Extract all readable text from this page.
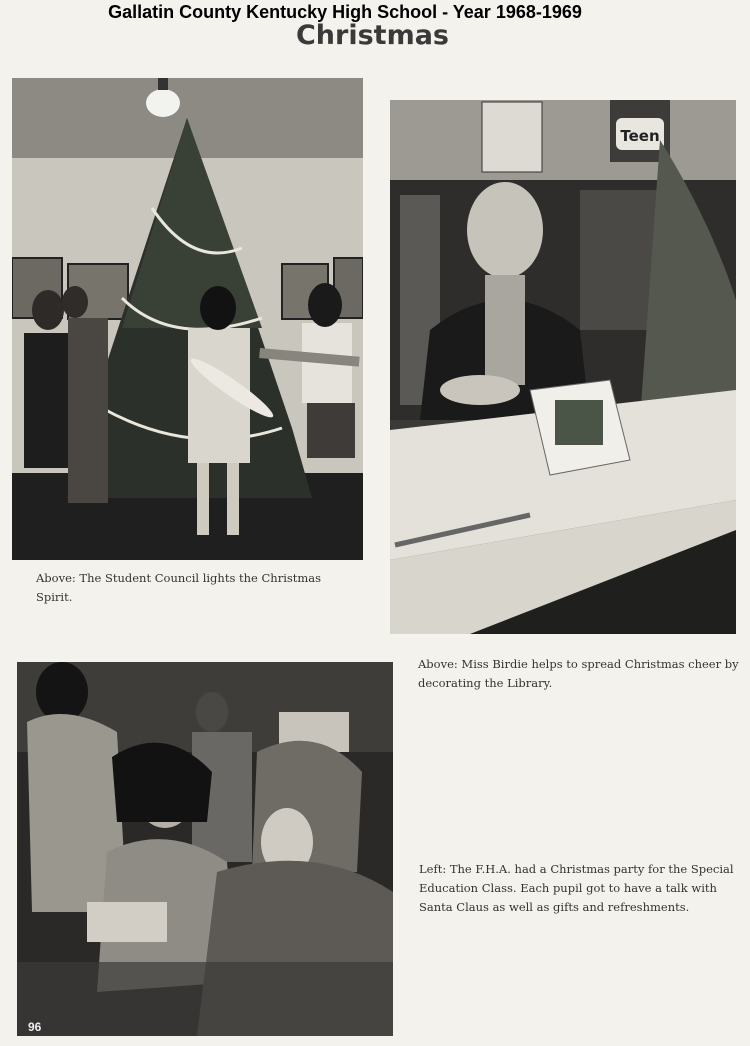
Gallatin County Kentucky High School - Year 1968-1969
Christmas
Above: The Student Council lights the Christmas Spirit.
Teen
Above: Miss Birdie helps to spread Christmas cheer by decorating the Library.
96
Left: The F.H.A. had a Christmas party for the Special Education Class. Each pupil got to have a talk with Santa Claus as well as gifts and refreshments.
